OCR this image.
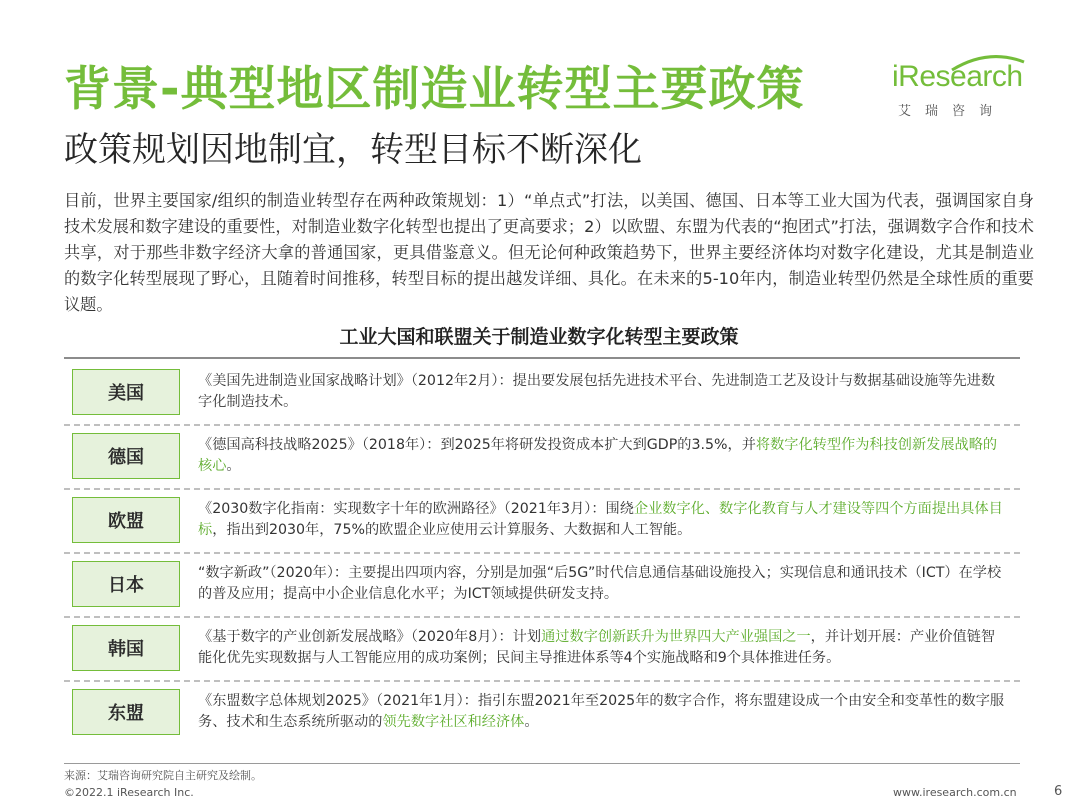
背景-典型地区制造业转型主要政策
政策规划因地制宜，转型目标不断深化
iResearch
艾瑞咨询
目前，世界主要国家/组织的制造业转型存在两种政策规划：1）“单点式”打法，以美国、德国、日本等工业大国为代表，强调国家自身技术发展和数字建设的重要性，对制造业数字化转型也提出了更高要求；2）以欧盟、东盟为代表的“抱团式”打法，强调数字合作和技术共享，对于那些非数字经济大拿的普通国家，更具借鉴意义。但无论何种政策趋势下，世界主要经济体均对数字化建设，尤其是制造业的数字化转型展现了野心，且随着时间推移，转型目标的提出越发详细、具化。在未来的5-10年内，制造业转型仍然是全球性质的重要议题。
工业大国和联盟关于制造业数字化转型主要政策
美国
《美国先进制造业国家战略计划》（2012年2月）：提出要发展包括先进技术平台、先进制造工艺及设计与数据基础设施等先进数字化制造技术。
德国
《德国高科技战略2025》（2018年）：到2025年将研发投资成本扩大到GDP的3.5%，并将数字化转型作为科技创新发展战略的核心。
欧盟
《2030数字化指南：实现数字十年的欧洲路径》（2021年3月）：围绕企业数字化、数字化教育与人才建设等四个方面提出具体目标，指出到2030年，75%的欧盟企业应使用云计算服务、大数据和人工智能。
日本
“数字新政”（2020年）：主要提出四项内容，分别是加强“后5G”时代信息通信基础设施投入；实现信息和通讯技术（ICT）在学校的普及应用；提高中小企业信息化水平；为ICT领域提供研发支持。
韩国
《基于数字的产业创新发展战略》（2020年8月）：计划通过数字创新跃升为世界四大产业强国之一，并计划开展：产业价值链智能化优先实现数据与人工智能应用的成功案例；民间主导推进体系等4个实施战略和9个具体推进任务。
东盟
《东盟数字总体规划2025》（2021年1月）：指引东盟2021年至2025年的数字合作，将东盟建设成一个由安全和变革性的数字服务、技术和生态系统所驱动的领先数字社区和经济体。
来源：艾瑞咨询研究院自主研究及绘制。
©2022.1 iResearch Inc.	www.iresearch.com.cn	6
